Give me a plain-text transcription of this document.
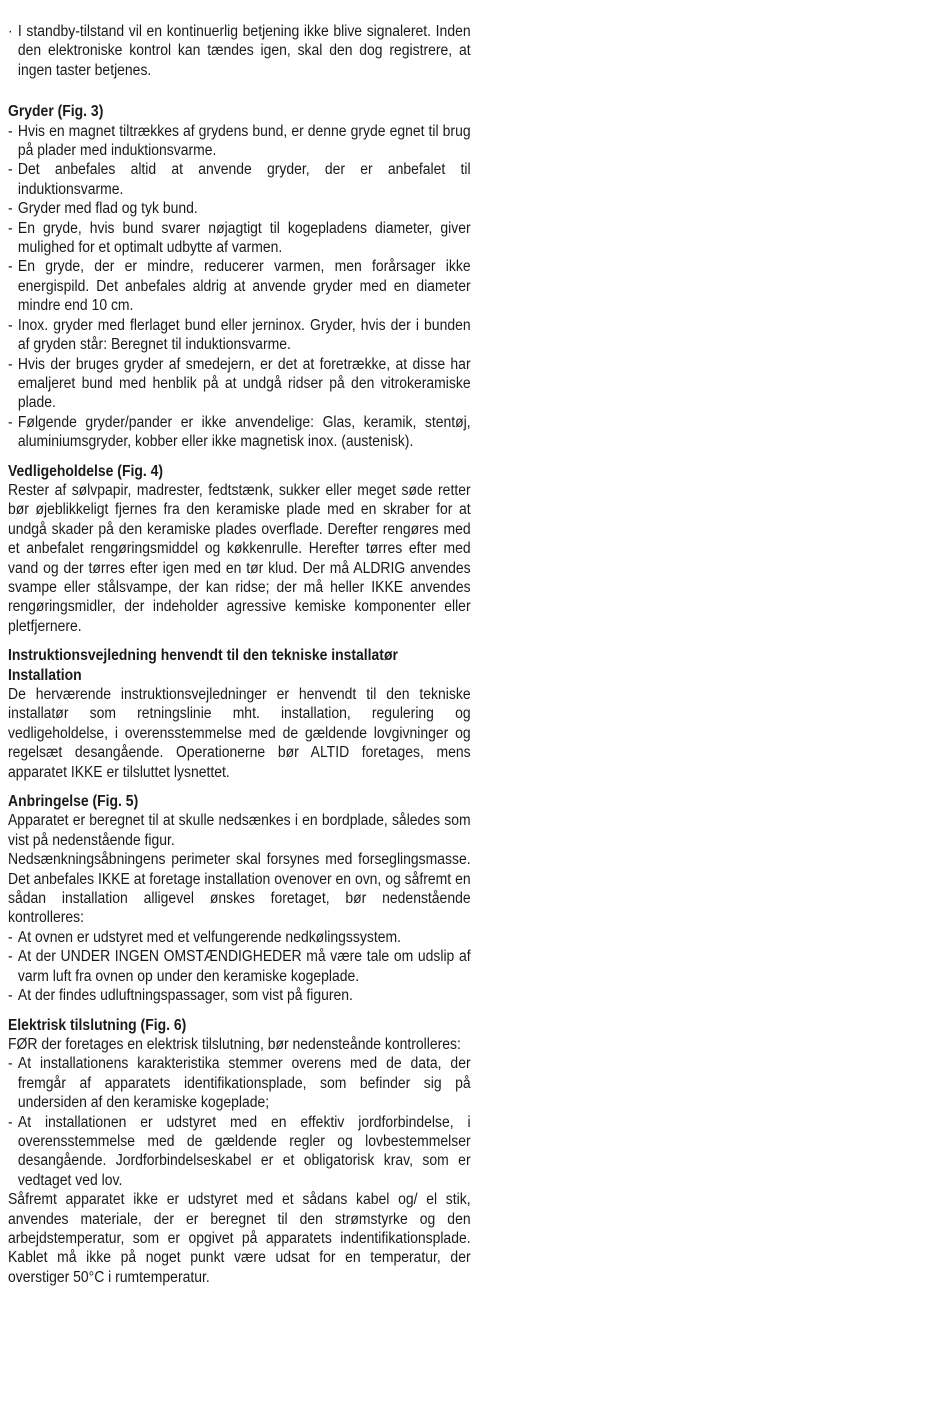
· I standby-tilstand vil en kontinuerlig betjening ikke blive signaleret. Inden den elektroniske kontrol kan tændes igen, skal den dog registrere, at ingen taster betjenes.
Gryder (Fig. 3)
- Hvis en magnet tiltrækkes af grydens bund, er denne gryde egnet til brug på plader med induktionsvarme.
- Det anbefales altid at anvende gryder, der er anbefalet til induktionsvarme.
- Gryder med flad og tyk bund.
- En gryde, hvis bund svarer nøjagtigt til kogepladens diameter, giver mulighed for et optimalt udbytte af varmen.
- En gryde, der er mindre, reducerer varmen, men forårsager ikke energispild. Det anbefales aldrig at anvende gryder med en diameter mindre end 10 cm.
- Inox. gryder med flerlaget bund eller jerninox. Gryder, hvis der i bunden af gryden står: Beregnet til induktionsvarme.
- Hvis der bruges gryder af smedejern, er det at foretrække, at disse har emaljeret bund med henblik på at undgå ridser på den vitrokeramiske plade.
- Følgende gryder/pander er ikke anvendelige: Glas, keramik, stentøj, aluminiumsgryder, kobber eller ikke magnetisk inox. (austenisk).
Vedligeholdelse (Fig. 4)

Rester af sølvpapir, madrester, fedtstænk, sukker eller meget søde retter bør øjeblikkeligt fjernes fra den keramiske plade med en skraber for at undgå skader på den keramiske plades overflade. Derefter rengøres med et anbefalet rengøringsmiddel og køkkenrulle. Herefter tørres efter med vand og der tørres efter igen med en tør klud. Der må ALDRIG anvendes svampe eller stålsvampe, der kan ridse; der må heller IKKE anvendes rengøringsmidler, der indeholder agressive kemiske komponenter eller pletfjernere.

Instruktionsvejledning henvendt til den tekniske installatør
Installation

De herværende instruktionsvejledninger er henvendt til den tekniske installatør som retningslinie mht. installation, regulering og vedligeholdelse, i overensstemmelse med de gældende lovgivninger og regelsæt desangående. Operationerne bør ALTID foretages, mens apparatet IKKE er tilsluttet lysnettet.

Anbringelse (Fig. 5)

Apparatet er beregnet til at skulle nedsænkes i en bordplade, således som vist på nedenstående figur.

Nedsænkningsåbningens perimeter skal forsynes med forseglingsmasse.

Det anbefales IKKE at foretage installation ovenover en ovn, og såfremt en sådan installation alligevel ønskes foretaget, bør nedenstående kontrolleres:

- At ovnen er udstyret med et velfungerende nedkølingssystem.
- At der UNDER INGEN OMSTÆNDIGHEDER må være tale om udslip af varm luft fra ovnen op under den keramiske kogeplade.
- At der findes udluftningspassager, som vist på figuren.
Elektrisk tilslutning (Fig. 6)

FØR der foretages en elektrisk tilslutning, bør nedensteånde kontrolleres:

- At installationens karakteristika stemmer overens med de data, der fremgår af apparatets identifikationsplade, som befinder sig på undersiden af den keramiske kogeplade;
- At installationen er udstyret med en effektiv jordforbindelse, i overensstemmelse med de gældende regler og lovbestemmelser desangående. Jordforbindelseskabel er et obligatorisk krav, som er vedtaget ved lov.

Såfremt apparatet ikke er udstyret med et sådans kabel og/ el stik, anvendes materiale, der er beregnet til den strømstyrke og den arbejdstemperatur, som er opgivet på apparatets indentifikationsplade. Kablet må ikke på noget punkt være udsat for en temperatur, der overstiger 50°C i rumtemperatur.
